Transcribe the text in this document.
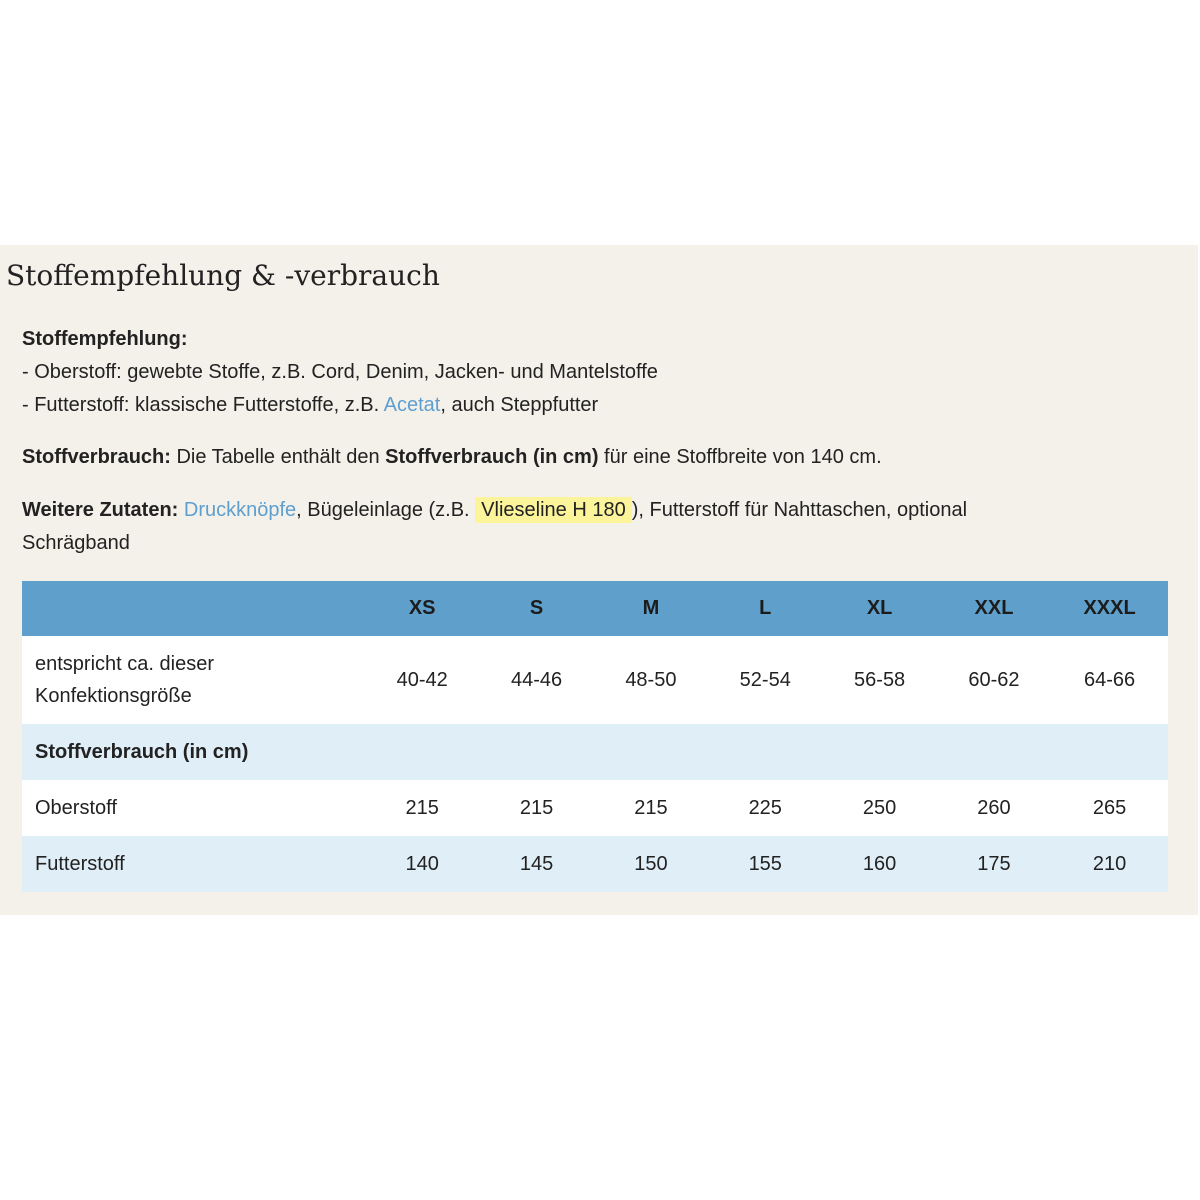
Stoffempfehlung & -verbrauch
Stoffempfehlung:
- Oberstoff: gewebte Stoffe, z.B. Cord, Denim, Jacken- und Mantelstoffe
- Futterstoff: klassische Futterstoffe, z.B. Acetat, auch Steppfutter
Stoffverbrauch: Die Tabelle enthält den Stoffverbrauch (in cm) für eine Stoffbreite von 140 cm.
Weitere Zutaten: Druckknöpfe, Bügeleinlage (z.B. Vlieseline H 180 ), Futterstoff für Nahttaschen, optional
Schrägband
	XS	S	M	L	XL	XXL	XXXL
entspricht ca. dieser
Konfektionsgröße	40-42	44-46	48-50	52-54	56-58	60-62	64-66
Stoffverbrauch (in cm)							
Oberstoff	215	215	215	225	250	260	265
Futterstoff	140	145	150	155	160	175	210
